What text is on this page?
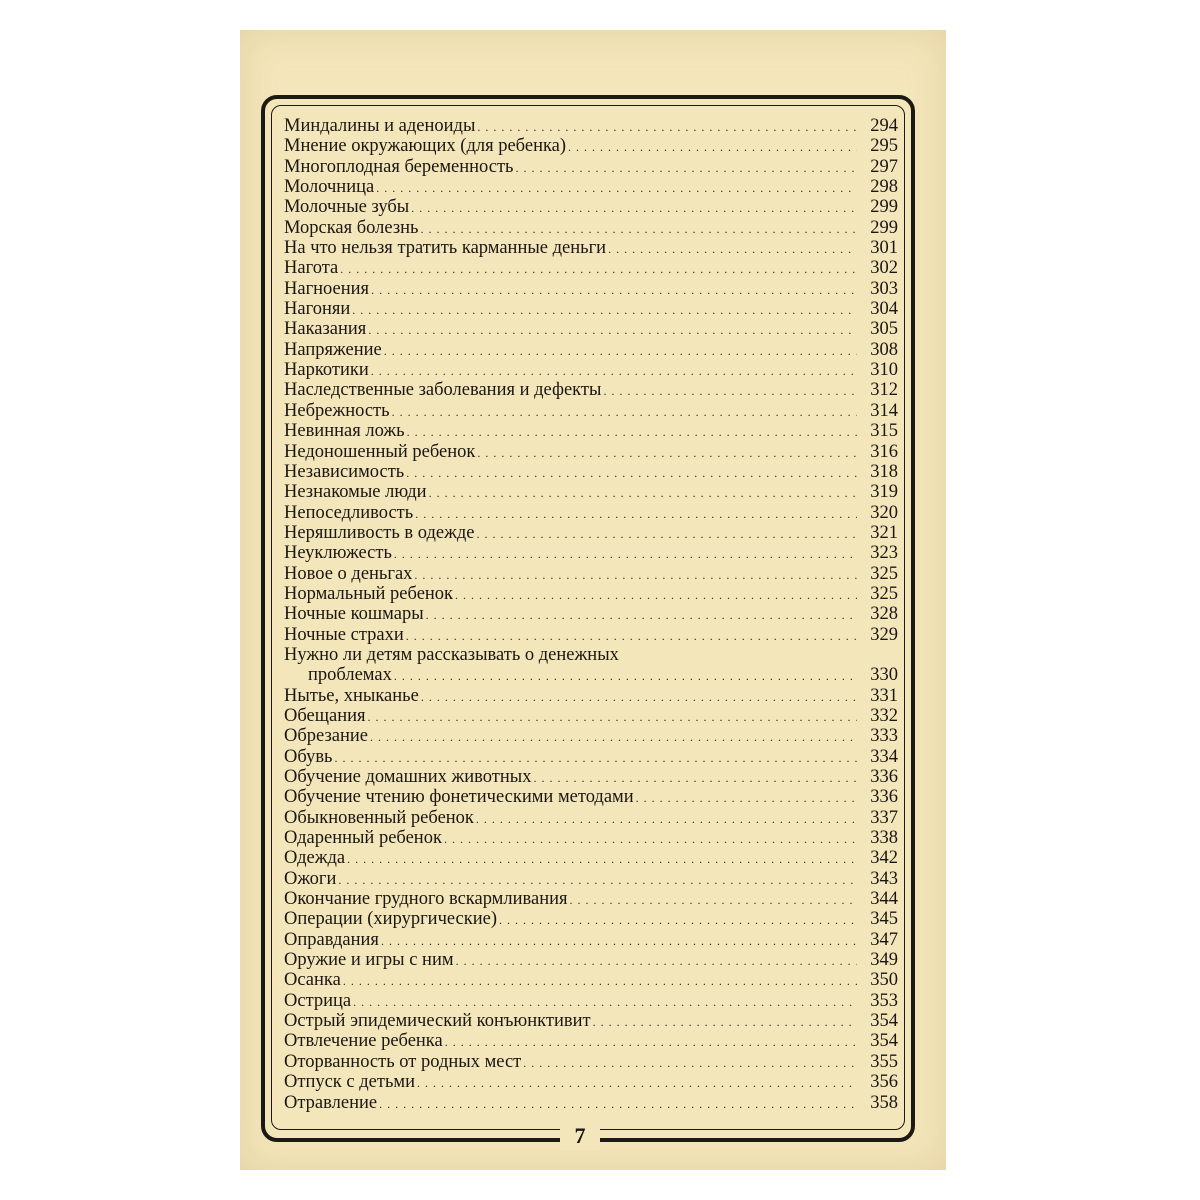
Миндалины и аденоиды . . .	294
Мнение окружающих (для ребенка) . . .	295
Многоплодная беременность . . .	297
Молочница . . .	298
Молочные зубы . . .	299
Морская болезнь . . .	299
На что нельзя тратить карманные деньги . . .	301
Нагота . . .	302
Нагноения . . .	303
Нагоняи . . .	304
Наказания . . .	305
Напряжение . . .	308
Наркотики . . .	310
Наследственные заболевания и дефекты . . .	312
Небрежность . . .	314
Невинная ложь . . .	315
Недоношенный ребенок . . .	316
Независимость . . .	318
Незнакомые люди . . .	319
Непоседливость . . .	320
Неряшливость в одежде . . .	321
Неуклюжесть . . .	323
Новое о деньгах . . .	325
Нормальный ребенок . . .	325
Ночные кошмары . . .	328
Ночные страхи . . .	329
Нужно ли детям рассказывать о денежных
проблемах . . .	330
Нытье, хныканье . . .	331
Обещания . . .	332
Обрезание . . .	333
Обувь . . .	334
Обучение домашних животных . . .	336
Обучение чтению фонетическими методами . . .	336
Обыкновенный ребенок . . .	337
Одаренный ребенок . . .	338
Одежда . . .	342
Ожоги . . .	343
Окончание грудного вскармливания . . .	344
Операции (хирургические) . . .	345
Оправдания . . .	347
Оружие и игры с ним . . .	349
Осанка . . .	350
Острица . . .	353
Острый эпидемический конъюнктивит . . .	354
Отвлечение ребенка . . .	354
Оторванность от родных мест . . .	355
Отпуск с детьми . . .	356
Отравление . . .	358
7
